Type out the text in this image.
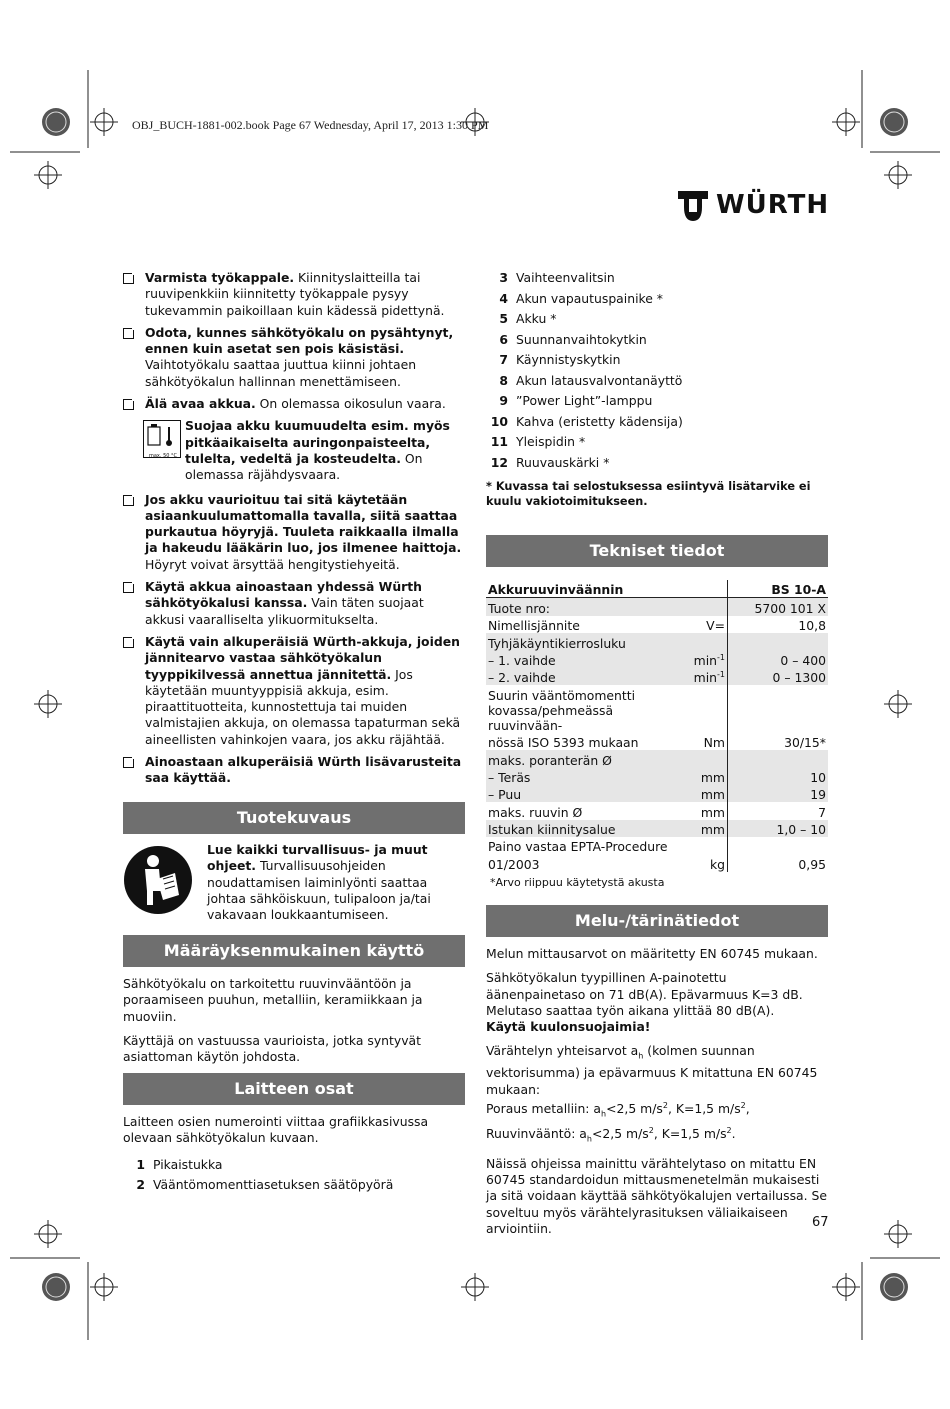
OBJ_BUCH-1881-002.book Page 67 Wednesday, April 17, 2013 1:30 PM
WÜRTH
Varmista työkappale. Kiinnityslaitteilla tai ruuvipenkkiin kiinnitetty työkappale pysyy tukevammin paikoillaan kuin kädessä pidettynä.
Odota, kunnes sähkötyökalu on pysähtynyt, ennen kuin asetat sen pois käsistäsi. Vaihtotyökalu saattaa juuttua kiinni johtaen sähkötyökalun hallinnan menettämiseen.
Älä avaa akkua. On olemassa oikosulun vaara.
max. 50 °C
Suojaa akku kuumuudelta esim. myös pitkäaikaiselta auringonpaisteelta, tulelta, vedeltä ja kosteudelta. On olemassa räjähdysvaara.
Jos akku vaurioituu tai sitä käytetään asiaankuulumattomalla tavalla, siitä saattaa purkautua höyryjä. Tuuleta raikkaalla ilmalla ja hakeudu lääkärin luo, jos ilmenee haittoja. Höyryt voivat ärsyttää hengitystiehyeitä.
Käytä akkua ainoastaan yhdessä Würth sähkötyökalusi kanssa. Vain täten suojaat akkusi vaaralliselta ylikuormitukselta.
Käytä vain alkuperäisiä Würth-akkuja, joiden jännitearvo vastaa sähkötyökalun tyyppikilvessä annettua jännitettä. Jos käytetään muuntyyppisiä akkuja, esim. piraattituotteita, kunnostettuja tai muiden valmistajien akkuja, on olemassa tapaturman sekä aineellisten vahinkojen vaara, jos akku räjähtää.
Ainoastaan alkuperäisiä Würth lisävarusteita saa käyttää.
Tuotekuvaus
Lue kaikki turvallisuus- ja muut ohjeet. Turvallisuusohjeiden noudattamisen laiminlyönti saattaa johtaa sähköiskuun, tulipaloon ja/tai vakavaan loukkaantumiseen.
Määräyksenmukainen käyttö

Sähkötyökalu on tarkoitettu ruuvinvääntöön ja poraamiseen puuhun, metalliin, keramiikkaan ja muoviin.

Käyttäjä on vastuussa vaurioista, jotka syntyvät asiattoman käytön johdosta.

Laitteen osat

Laitteen osien numerointi viittaa grafiikkasivussa olevaan sähkötyökalun kuvaan.

1 Pikaistukka
2 Vääntömomenttiasetuksen säätöpyörä
3 Vaihteenvalitsin
4 Akun vapautuspainike *
5 Akku *
6 Suunnanvaihtokytkin
7 Käynnistyskytkin
8 Akun latausvalvontanäyttö
9 ”Power Light”-lamppu
10 Kahva (eristetty kädensija)
11 Yleispidin *
12 Ruuvauskärki *
* Kuvassa tai selostuksessa esiintyvä lisätarvike ei kuulu vakiotoimitukseen.
Tekniset tiedot
Akkuruuvinväännin		BS 10-A
Tuote nro:		5700 101 X
Nimellisjännite	V=	10,8
Tyhjäkäyntikierrosluku		
– 1. vaihde	$\min^{-1}$	0 – 400
– 2. vaihde	$\min^{-1}$	0 – 1300
Suurin vääntömomentti		
kovassa/pehmeässä ruuvinvään-		
nössä ISO 5393 mukaan	Nm	30/15*
maks. poranterän Ø		
– Teräs	mm	10
– Puu	mm	19
maks. ruuvin Ø	mm	7
Istukan kiinnitysalue	mm	1,0 – 10
Paino vastaa EPTA-Procedure		
01/2003	kg	0,95
*Arvo riippuu käytetystä akusta
Melu-/tärinätiedot

Melun mittausarvot on määritetty EN 60745 mukaan.

Sähkötyökalun tyypillinen A-painotettu äänenpainetaso on 71 dB(A). Epävarmuus K=3 dB.

Melutaso saattaa työn aikana ylittää 80 dB(A).
Käytä kuulonsuojaimia!
Värähtelyn yhteisarvot $a_h$ (kolmen suunnan vektorisumma) ja epävarmuus K mitattuna EN 60745 mukaan:
Poraus metalliin: $a_h<2,5$ $m/s^2$, K=1,5 $m/s^2$,
Ruuvinvääntö: $a_h<2,5$ $m/s^2$, K=1,5 $m/s^2$.

Näissä ohjeissa mainittu värähtelytaso on mitattu EN 60745 standardoidun mittausmenetelmän mukaisesti ja sitä voidaan käyttää sähkötyökalujen vertailussa. Se soveltuu myös värähtelyrasituksen väliaikaiseen arviointiin.	67
